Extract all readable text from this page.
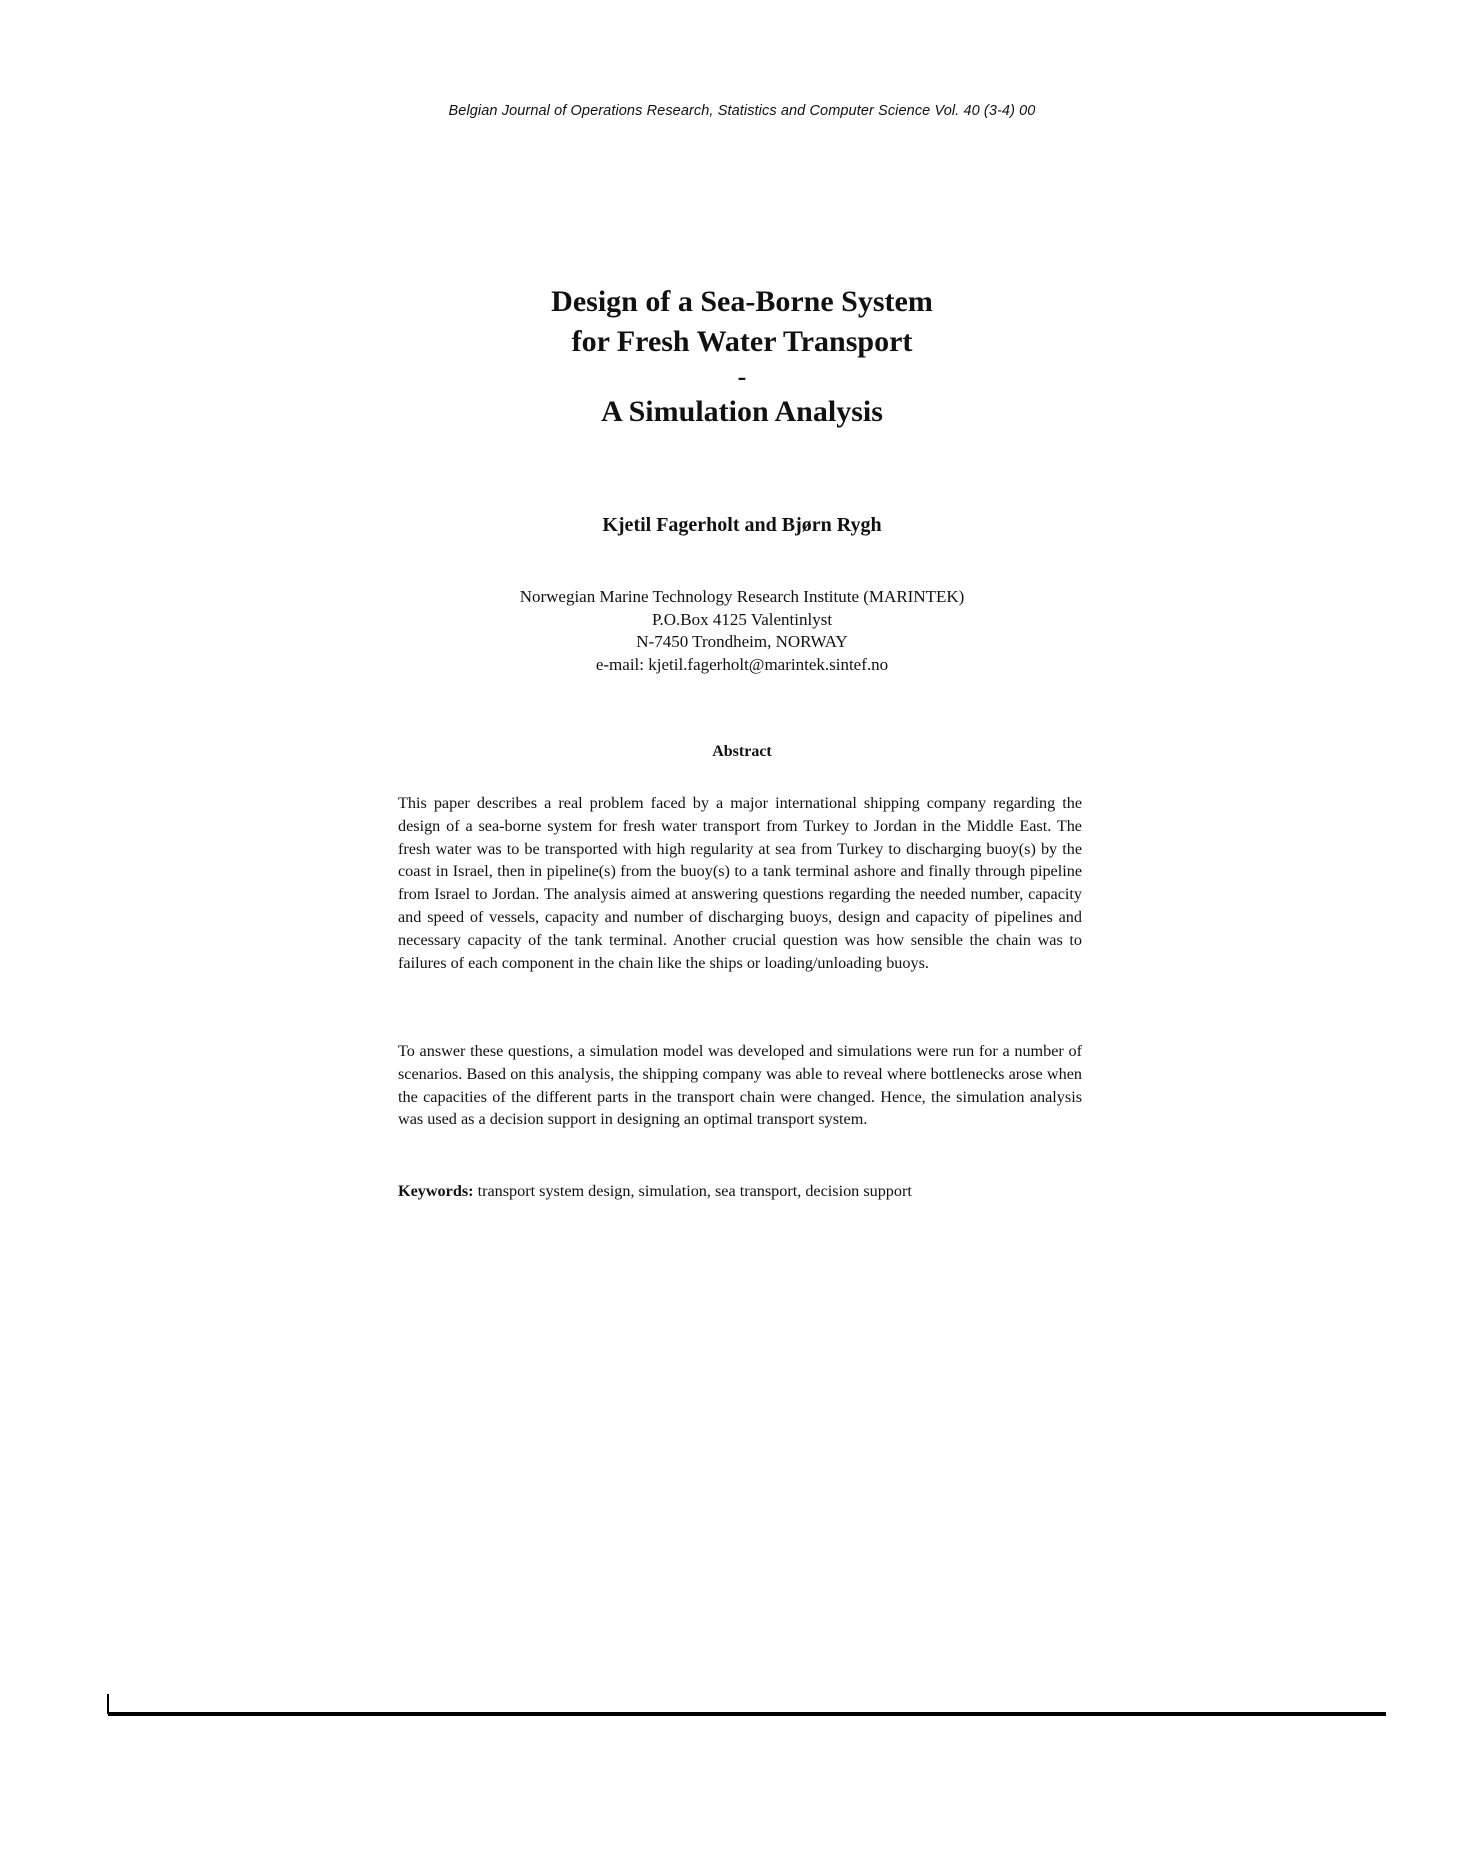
Belgian Journal of Operations Research, Statistics and Computer Science Vol. 40 (3-4) 00
Design of a Sea-Borne System
for Fresh Water Transport
-
A Simulation Analysis
Kjetil Fagerholt and Bjørn Rygh
Norwegian Marine Technology Research Institute (MARINTEK)
P.O.Box 4125 Valentinlyst
N-7450 Trondheim, NORWAY
e-mail: kjetil.fagerholt@marintek.sintef.no
Abstract
This paper describes a real problem faced by a major international shipping company regarding the design of a sea-borne system for fresh water transport from Turkey to Jordan in the Middle East. The fresh water was to be transported with high regularity at sea from Turkey to discharging buoy(s) by the coast in Israel, then in pipeline(s) from the buoy(s) to a tank terminal ashore and finally through pipeline from Israel to Jordan. The analysis aimed at answering questions regarding the needed number, capacity and speed of vessels, capacity and number of discharging buoys, design and capacity of pipelines and necessary capacity of the tank terminal. Another crucial question was how sensible the chain was to failures of each component in the chain like the ships or loading/unloading buoys.
To answer these questions, a simulation model was developed and simulations were run for a number of scenarios. Based on this analysis, the shipping company was able to reveal where bottlenecks arose when the capacities of the different parts in the transport chain were changed. Hence, the simulation analysis was used as a decision support in designing an optimal transport system.
Keywords: transport system design, simulation, sea transport, decision support
